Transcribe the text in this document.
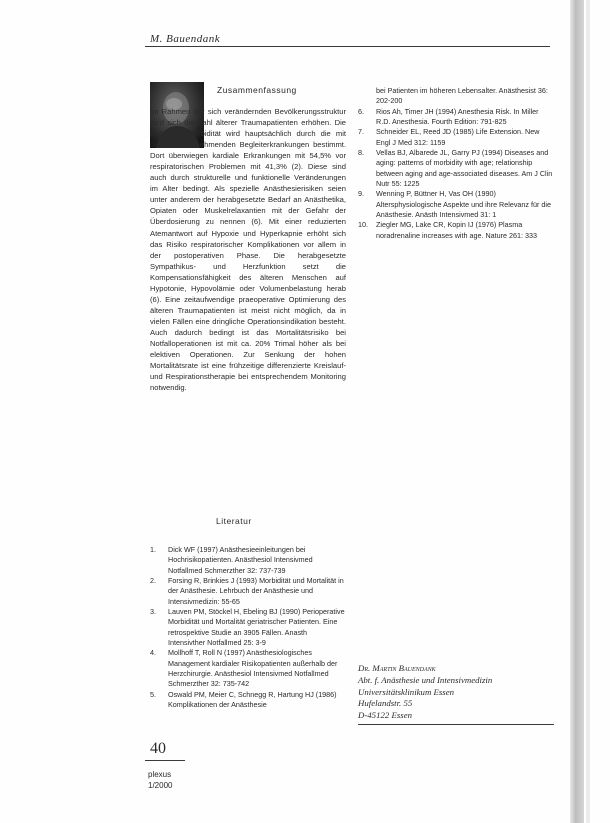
M. Bauendank
Zusammenfassung

Im Rahmen der sich verändernden Bevölkerungsstruktur wird sich die Zahl älterer Traumapatienten erhöhen. Die Anästhesiemorbidität wird hauptsächlich durch die mit dem Alter zunehmenden Begleiterkrankungen bestimmt. Dort überwiegen kardiale Erkrankungen mit 54,5% vor respiratorischen Problemen mit 41,3% (2). Diese sind auch durch strukturelle und funktionelle Veränderungen im Alter bedingt. Als spezielle Anästhesierisiken seien unter anderem der herabgesetzte Bedarf an Anästhetika, Opiaten oder Muskelrelaxantien mit der Gefahr der Überdosierung zu nennen (6). Mit einer reduzierten Atemantwort auf Hypoxie und Hyperkapnie erhöht sich das Risiko respiratorischer Komplikationen vor allem in der postoperativen Phase. Die herabgesetzte Sympathikus- und Herzfunktion setzt die Kompensationsfähigkeit des älteren Menschen auf Hypotonie, Hypovolämie oder Volumenbelastung herab (6). Eine zeitaufwendige praeoperative Optimierung des älteren Traumapatienten ist meist nicht möglich, da in vielen Fällen eine dringliche Operationsindikation besteht. Auch dadurch bedingt ist das Mortalitätsrisiko bei Notfalloperationen ist mit ca. 20% Trimal höher als bei elektiven Operationen. Zur Senkung der hohen Mortalitätsrate ist eine frühzeitige differenzierte Kreislauf- und Respirationstherapie bei entsprechendem Monitoring notwendig.

Literatur
1.	Dick WF (1997) Anästhesieeinleitungen bei Hochrisikopatienten. Anästhesiol Intensivmed Notfallmed Schmerzther 32: 737-739
2.	Forsing R, Brinkies J (1993) Morbidität und Mortalität in der Anästhesie. Lehrbuch der Anästhesie und Intensivmedizin: 55-65
3.	Lauven PM, Stöckel H, Ebeling BJ (1990) Perioperative Morbidität und Mortalität geriatrischer Patienten. Eine retrospektive Studie an 3905 Fällen. Anasth Intensivther Notfallmed 25: 3-9
4.	Mollhoff T, Roll N (1997) Anästhesiologisches Management kardialer Risikopatienten außerhalb der Herzchirurgie. Anästhesiol Intensivmed Notfallmed Schmerzther 32: 735-742
5.	Oswald PM, Meier C, Schnegg R, Hartung HJ (1986) Komplikationen der Anästhesie
bei Patienten im höheren Lebensalter. Anästhesist 36: 202-200
6.	Rios Ah, Timer JH (1994) Anesthesia Risk. In Miller R.D. Anesthesia. Fourth Edition: 791-825
7.	Schneider EL, Reed JD (1985) Life Extension. New Engl J Med 312: 1159
8.	Vellas BJ, Albarede JL, Garry PJ (1994) Diseases and aging: patterns of morbidity with age; relationship between aging and age-associated diseases. Am J Clin Nutr 55: 1225
9.	Wenning P, Büttner H, Vas OH (1990) Altersphysiologische Aspekte und ihre Relevanz für die Anästhesie. Anästh Intensivmed 31: 1
10.	Ziegler MG, Lake CR, Kopin IJ (1976) Plasma noradrenaline increases with age. Nature 261: 333
Dr. Martin Bauendank
Abt. f. Anästhesie und Intensivmedizin
Universitätsklinikum Essen
Hufelandstr. 55
D-45122 Essen
40
plexus
1/2000
